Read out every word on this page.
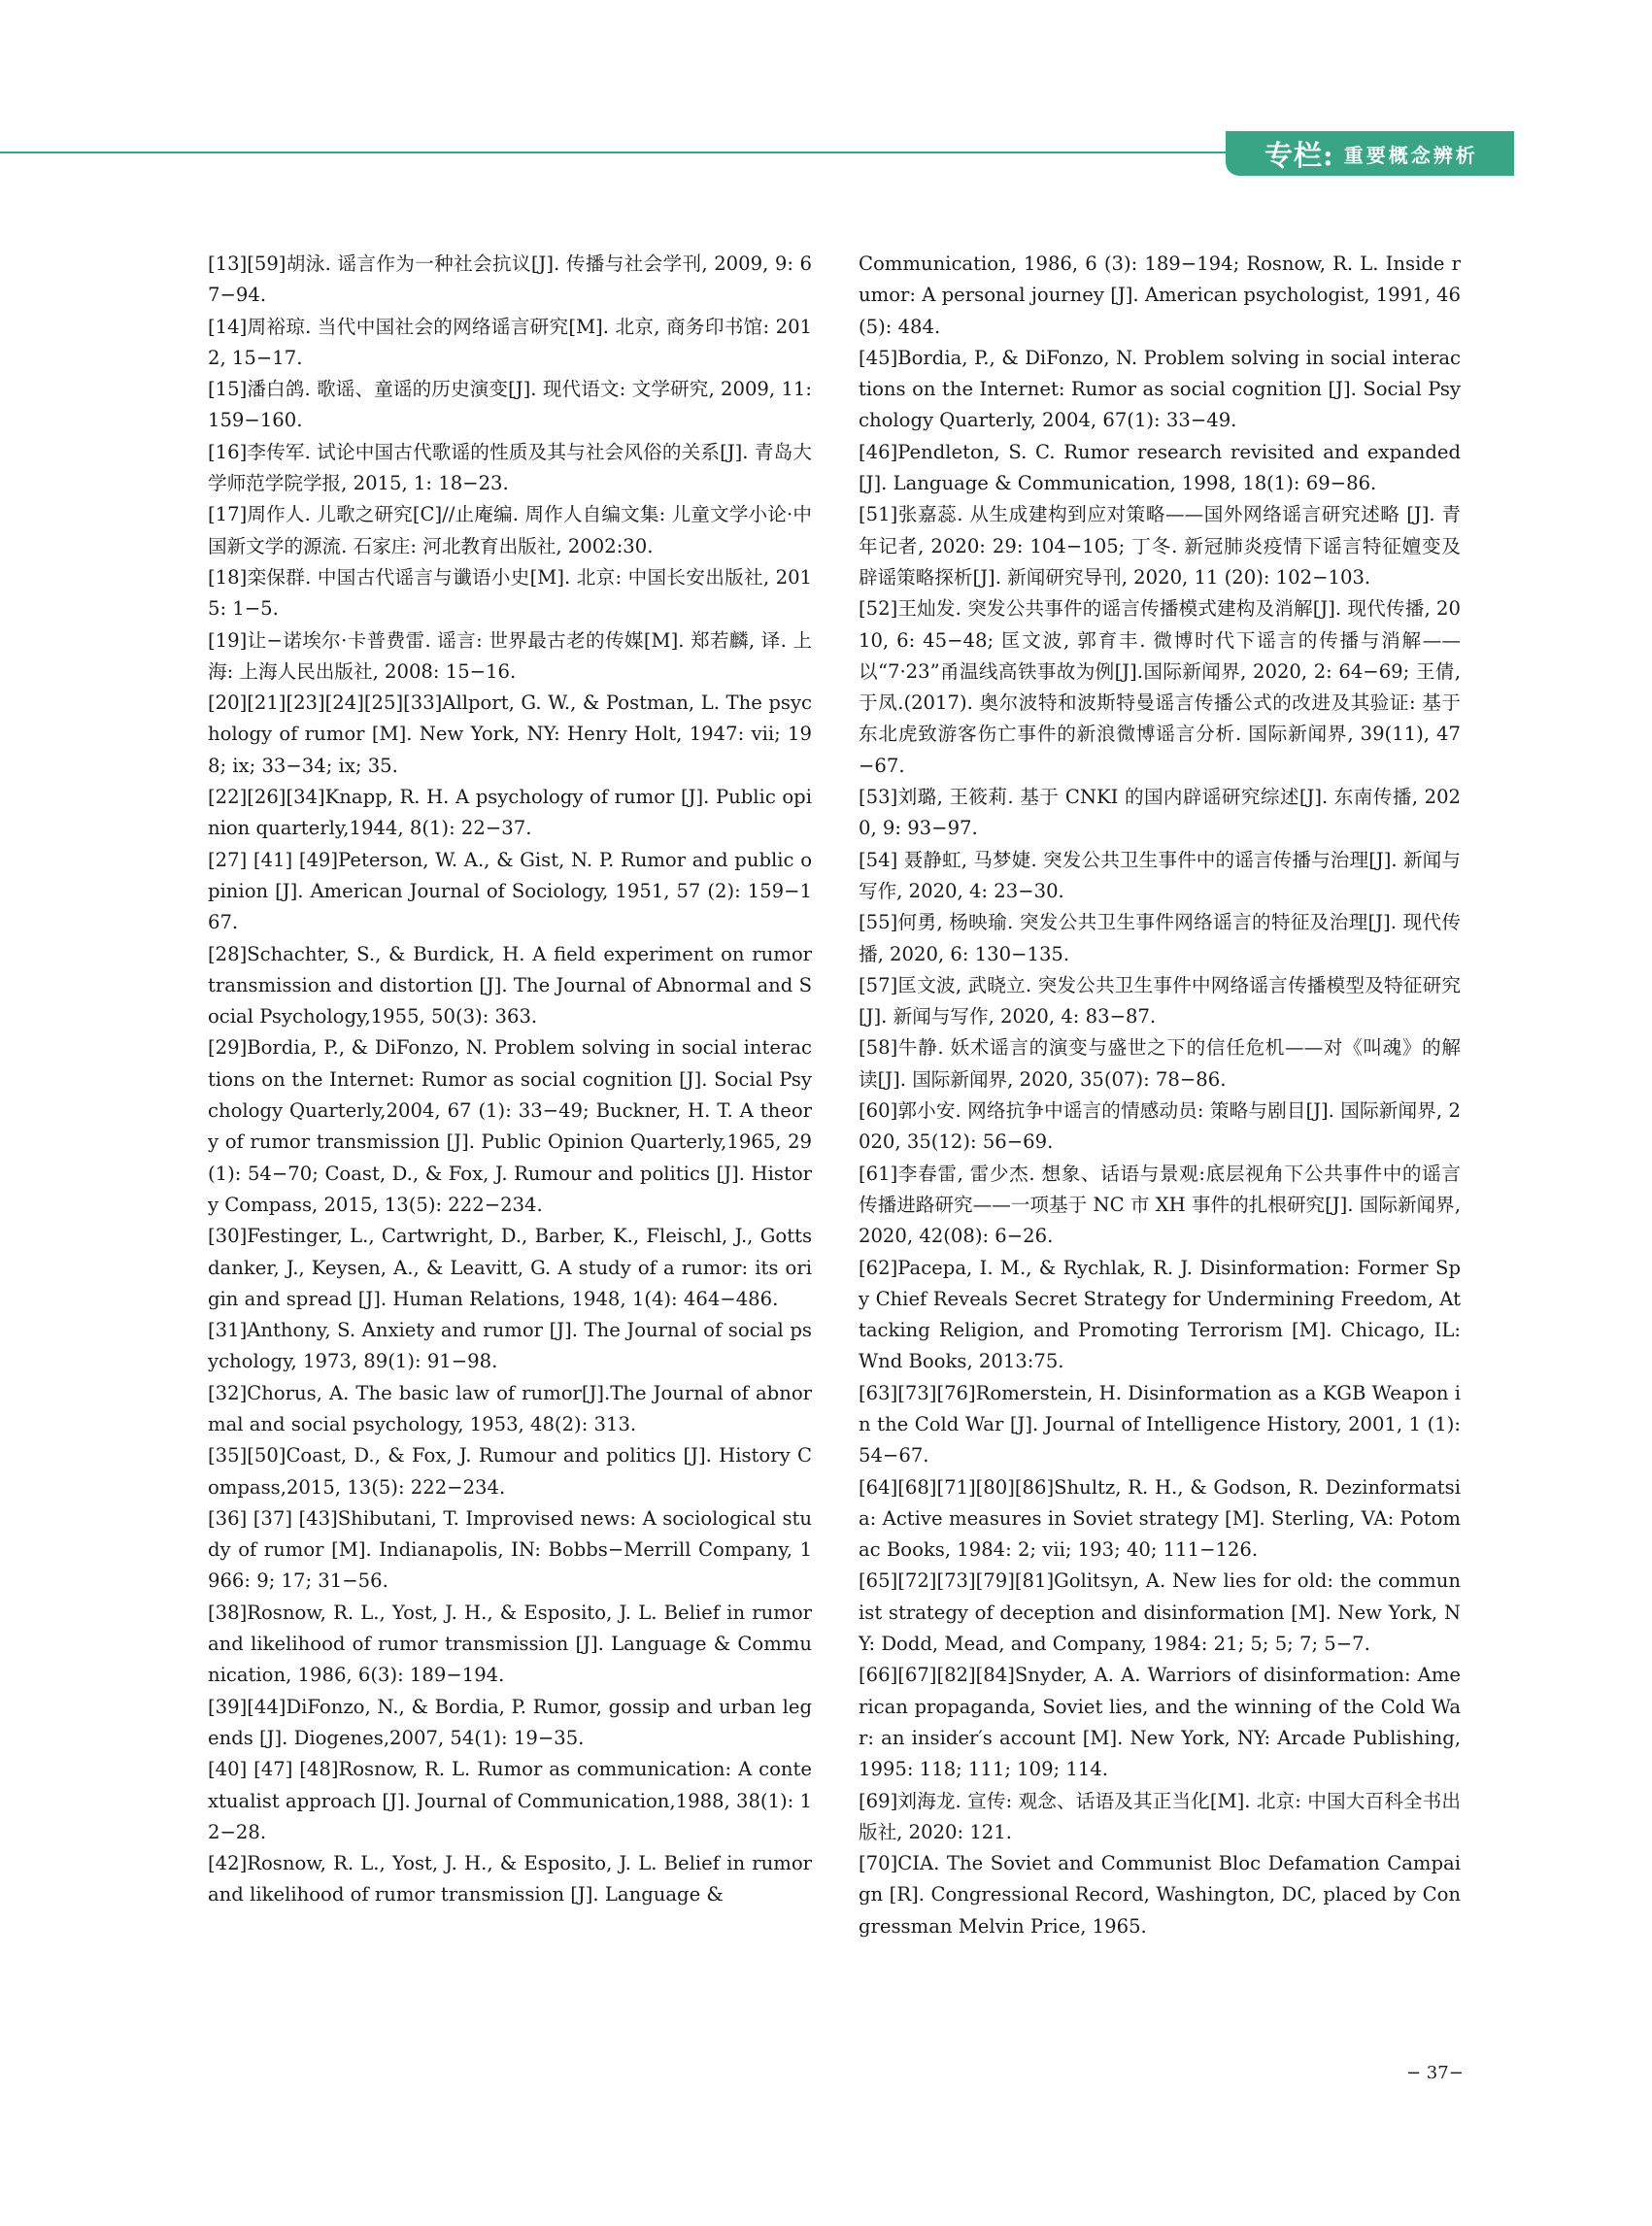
专栏: 重要概念辨析

[13][59]胡泳. 谣言作为一种社会抗议[J]. 传播与社会学刊, 2009, 9: 67−94.

[14]周裕琼. 当代中国社会的网络谣言研究[M]. 北京, 商务印书馆: 2012, 15−17.

[15]潘白鸽. 歌谣、童谣的历史演变[J]. 现代语文: 文学研究, 2009, 11: 159−160.

[16]李传军. 试论中国古代歌谣的性质及其与社会风俗的关系[J]. 青岛大学师范学院学报, 2015, 1: 18−23.

[17]周作人. 儿歌之研究[C]//止庵编. 周作人自编文集: 儿童文学小论·中国新文学的源流. 石家庄: 河北教育出版社, 2002:30.

[18]栾保群. 中国古代谣言与谶语小史[M]. 北京: 中国长安出版社, 2015: 1−5.

[19]让−诺埃尔·卡普费雷. 谣言: 世界最古老的传媒[M]. 郑若麟, 译. 上海: 上海人民出版社, 2008: 15−16.

[20][21][23][24][25][33]Allport, G. W., & Postman, L. The psychology of rumor [M]. New York, NY: Henry Holt, 1947: vii; 198; ix; 33−34; ix; 35.

[22][26][34]Knapp, R. H. A psychology of rumor [J]. Public opinion quarterly,1944, 8(1): 22−37.

[27] [41] [49]Peterson, W. A., & Gist, N. P. Rumor and public opinion [J]. American Journal of Sociology, 1951, 57 (2): 159−167.

[28]Schachter, S., & Burdick, H. A field experiment on rumor transmission and distortion [J]. The Journal of Abnormal and Social Psychology,1955, 50(3): 363.

[29]Bordia, P., & DiFonzo, N. Problem solving in social interactions on the Internet: Rumor as social cognition [J]. Social Psychology Quarterly,2004, 67 (1): 33−49; Buckner, H. T. A theory of rumor transmission [J]. Public Opinion Quarterly,1965, 29 (1): 54−70; Coast, D., & Fox, J. Rumour and politics [J]. History Compass, 2015, 13(5): 222−234.

[30]Festinger, L., Cartwright, D., Barber, K., Fleischl, J., Gottsdanker, J., Keysen, A., & Leavitt, G. A study of a rumor: its origin and spread [J]. Human Relations, 1948, 1(4): 464−486.

[31]Anthony, S. Anxiety and rumor [J]. The Journal of social psychology, 1973, 89(1): 91−98.

[32]Chorus, A. The basic law of rumor[J].The Journal of abnormal and social psychology, 1953, 48(2): 313.

[35][50]Coast, D., & Fox, J. Rumour and politics [J]. History Compass,2015, 13(5): 222−234.

[36] [37] [43]Shibutani, T. Improvised news: A sociological study of rumor [M]. Indianapolis, IN: Bobbs−Merrill Company, 1966: 9; 17; 31−56.

[38]Rosnow, R. L., Yost, J. H., & Esposito, J. L. Belief in rumor and likelihood of rumor transmission [J]. Language & Communication, 1986, 6(3): 189−194.

[39][44]DiFonzo, N., & Bordia, P. Rumor, gossip and urban legends [J]. Diogenes,2007, 54(1): 19−35.

[40] [47] [48]Rosnow, R. L. Rumor as communication: A contextualist approach [J]. Journal of Communication,1988, 38(1): 12−28.

[42]Rosnow, R. L., Yost, J. H., & Esposito, J. L. Belief in rumor and likelihood of rumor transmission [J]. Language &

Communication, 1986, 6 (3): 189−194; Rosnow, R. L. Inside rumor: A personal journey [J]. American psychologist, 1991, 46(5): 484.

[45]Bordia, P., & DiFonzo, N. Problem solving in social interactions on the Internet: Rumor as social cognition [J]. Social Psychology Quarterly, 2004, 67(1): 33−49.

[46]Pendleton, S. C. Rumor research revisited and expanded [J]. Language & Communication, 1998, 18(1): 69−86.

[51]张嘉蕊. 从生成建构到应对策略——国外网络谣言研究述略 [J]. 青年记者, 2020: 29: 104−105; 丁冬. 新冠肺炎疫情下谣言特征嬗变及辟谣策略探析[J]. 新闻研究导刊, 2020, 11 (20): 102−103.

[52]王灿发. 突发公共事件的谣言传播模式建构及消解[J]. 现代传播, 2010, 6: 45−48; 匡文波, 郭育丰. 微博时代下谣言的传播与消解——以“7·23”甬温线高铁事故为例[J].国际新闻界, 2020, 2: 64−69; 王倩, 于凤.(2017). 奥尔波特和波斯特曼谣言传播公式的改进及其验证: 基于东北虎致游客伤亡事件的新浪微博谣言分析. 国际新闻界, 39(11), 47−67.

[53]刘璐, 王筱莉. 基于 CNKI 的国内辟谣研究综述[J]. 东南传播, 2020, 9: 93−97.

[54] 聂静虹, 马梦婕. 突发公共卫生事件中的谣言传播与治理[J]. 新闻与写作, 2020, 4: 23−30.

[55]何勇, 杨映瑜. 突发公共卫生事件网络谣言的特征及治理[J]. 现代传播, 2020, 6: 130−135.

[57]匡文波, 武晓立. 突发公共卫生事件中网络谣言传播模型及特征研究[J]. 新闻与写作, 2020, 4: 83−87.

[58]牛静. 妖术谣言的演变与盛世之下的信任危机——对《叫魂》的解读[J]. 国际新闻界, 2020, 35(07): 78−86.

[60]郭小安. 网络抗争中谣言的情感动员: 策略与剧目[J]. 国际新闻界, 2020, 35(12): 56−69.

[61]李春雷, 雷少杰. 想象、话语与景观:底层视角下公共事件中的谣言传播进路研究——一项基于 NC 市 XH 事件的扎根研究[J]. 国际新闻界, 2020, 42(08): 6−26.

[62]Pacepa, I. M., & Rychlak, R. J. Disinformation: Former Spy Chief Reveals Secret Strategy for Undermining Freedom, Attacking Religion, and Promoting Terrorism [M]. Chicago, IL: Wnd Books, 2013:75.

[63][73][76]Romerstein, H. Disinformation as a KGB Weapon in the Cold War [J]. Journal of Intelligence History, 2001, 1 (1): 54−67.

[64][68][71][80][86]Shultz, R. H., & Godson, R. Dezinformatsia: Active measures in Soviet strategy [M]. Sterling, VA: Potomac Books, 1984: 2; vii; 193; 40; 111−126.

[65][72][73][79][81]Golitsyn, A. New lies for old: the communist strategy of deception and disinformation [M]. New York, NY: Dodd, Mead, and Company, 1984: 21; 5; 5; 7; 5−7.

[66][67][82][84]Snyder, A. A. Warriors of disinformation: American propaganda, Soviet lies, and the winning of the Cold War: an insider′s account [M]. New York, NY: Arcade Publishing, 1995: 118; 111; 109; 114.

[69]刘海龙. 宣传: 观念、话语及其正当化[M]. 北京: 中国大百科全书出版社, 2020: 121.

[70]CIA. The Soviet and Communist Bloc Defamation Campaign [R]. Congressional Record, Washington, DC, placed by Congressman Melvin Price, 1965.

− 37−
